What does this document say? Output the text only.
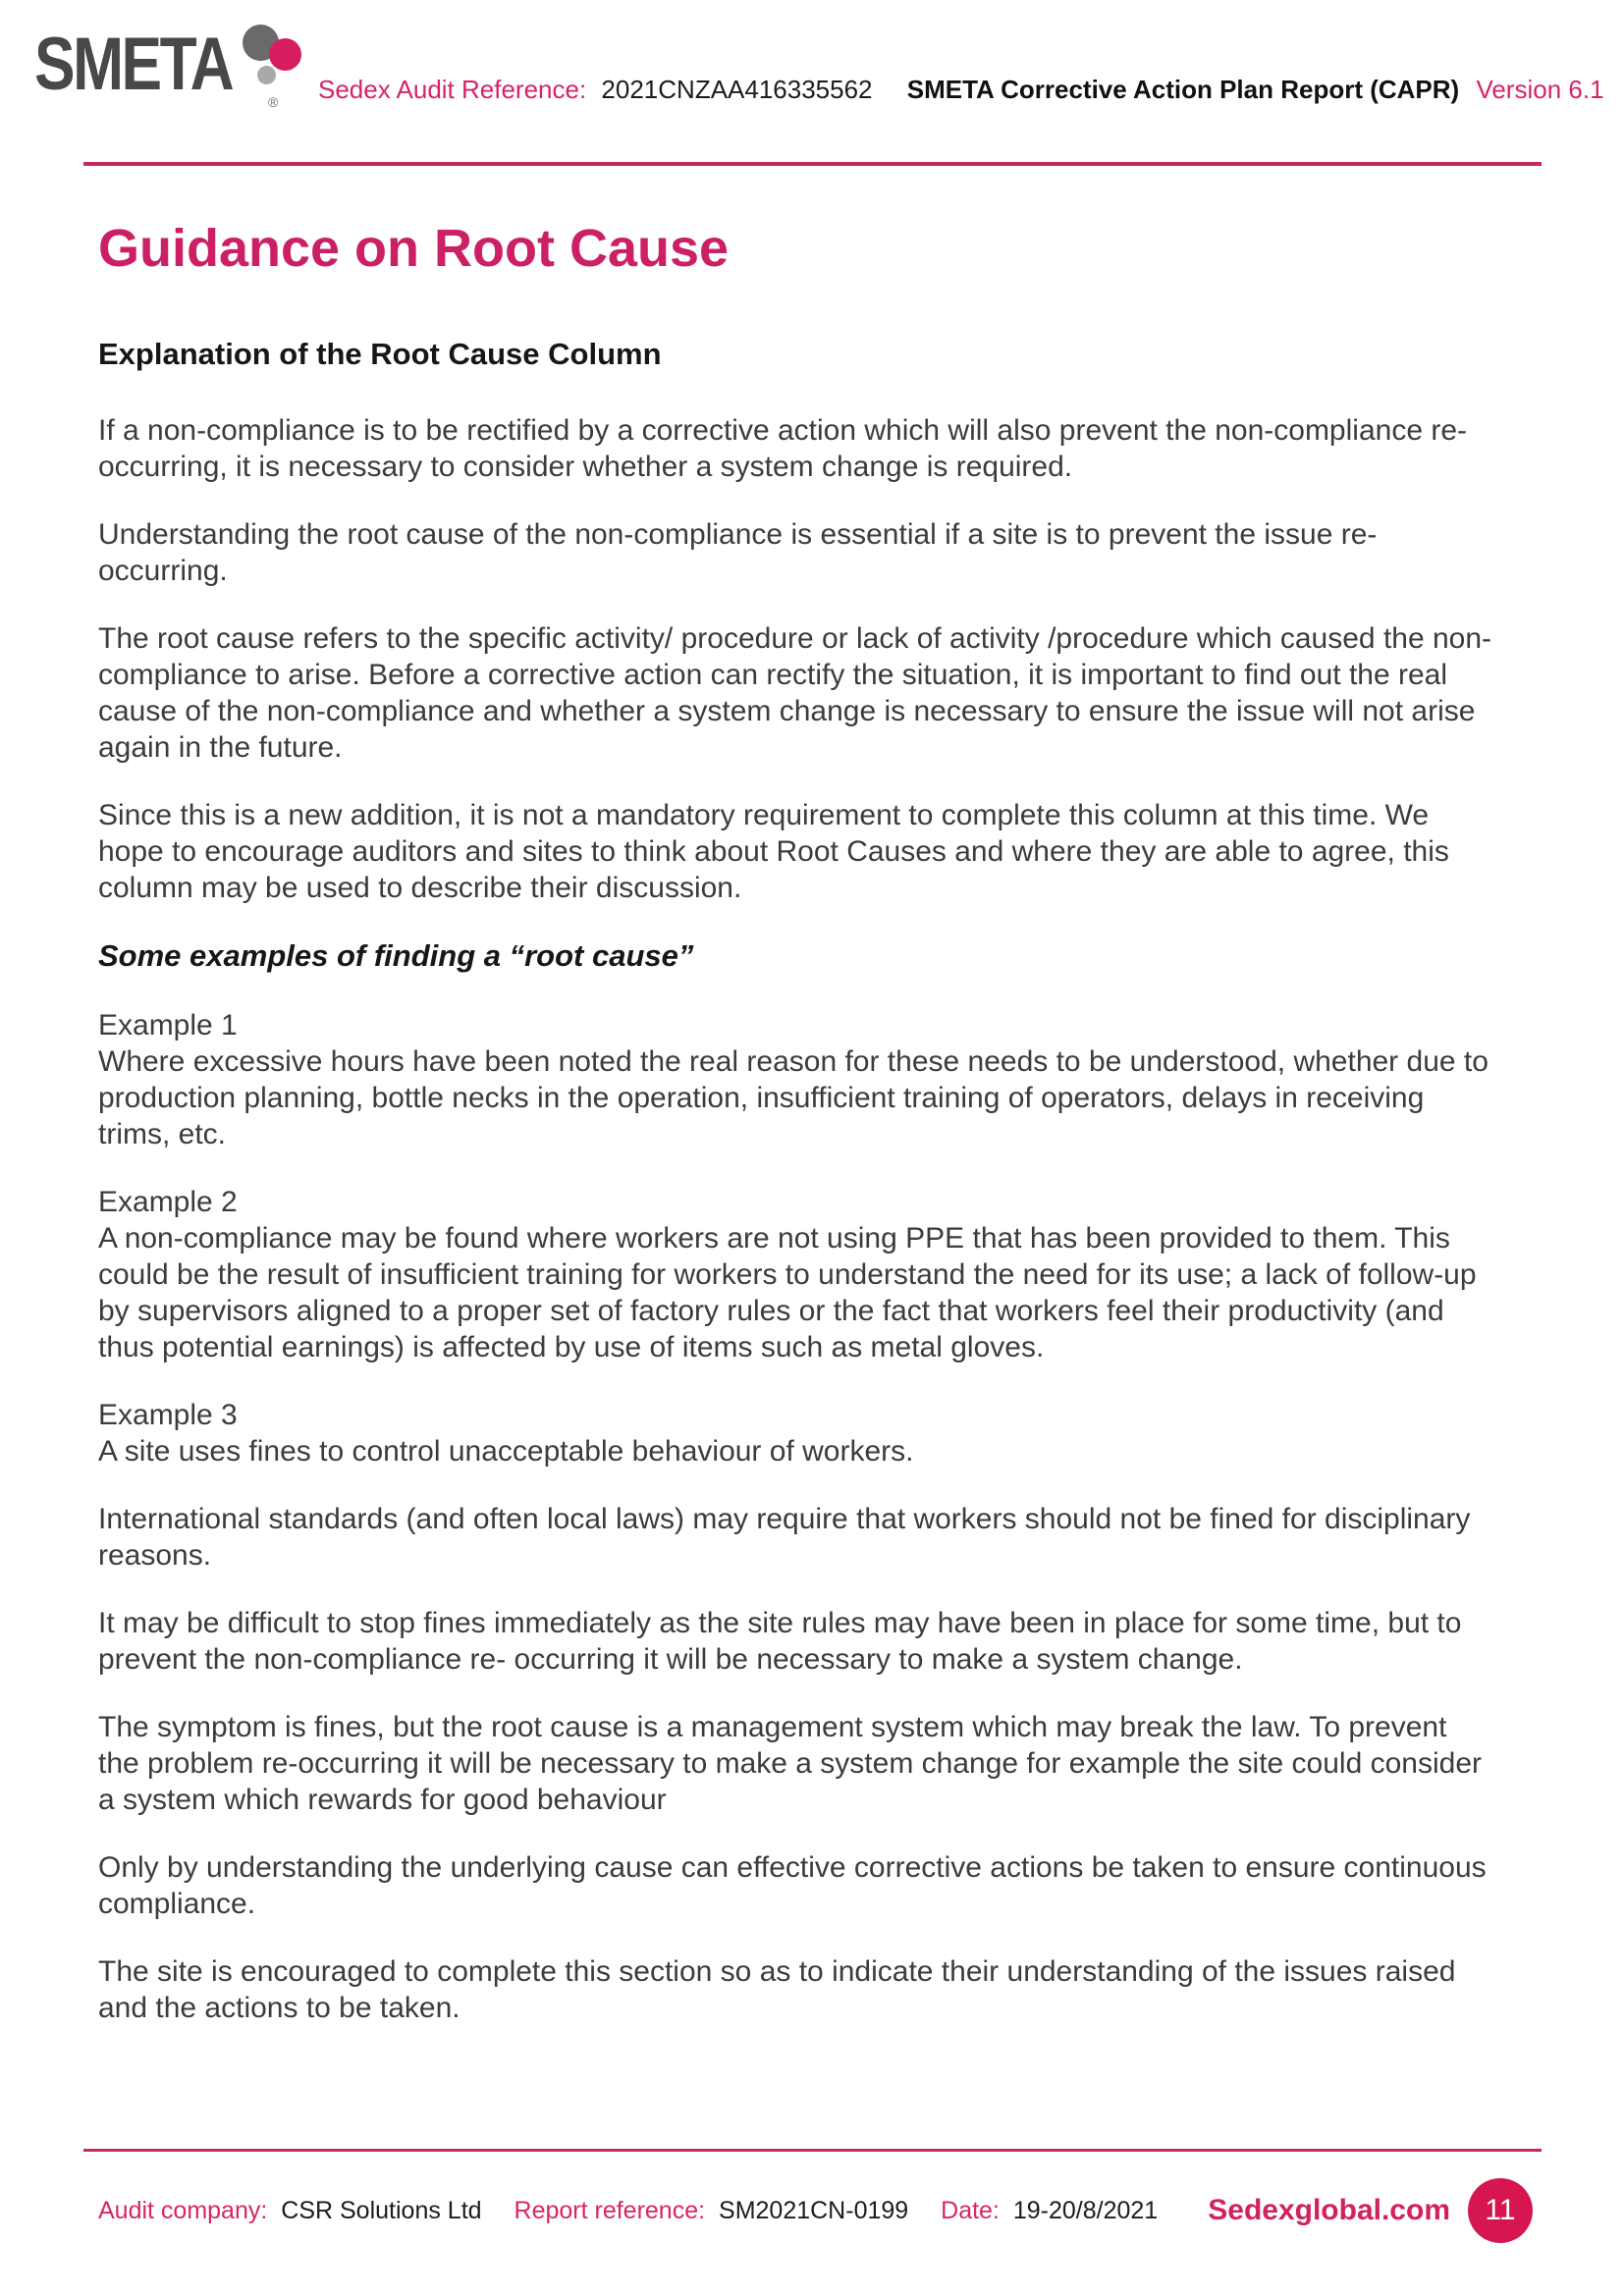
SMETA	® Sedex Audit Reference: 2021CNZAA416335562 SMETA Corrective Action Plan Report (CAPR) Version 6.1
Guidance on Root Cause
Explanation of the Root Cause Column

If a non-compliance is to be rectified by a corrective action which will also prevent the non-compliance re-occurring, it is necessary to consider whether a system change is required.

Understanding the root cause of the non-compliance is essential if a site is to prevent the issue re-occurring.

The root cause refers to the specific activity/ procedure or lack of activity /procedure which caused the non-compliance to arise. Before a corrective action can rectify the situation, it is important to find out the real cause of the non-compliance and whether a system change is necessary to ensure the issue will not arise again in the future.

Since this is a new addition, it is not a mandatory requirement to complete this column at this time. We hope to encourage auditors and sites to think about Root Causes and where they are able to agree, this column may be used to describe their discussion.

Some examples of finding a “root cause”
Example 1
Where excessive hours have been noted the real reason for these needs to be understood, whether due to production planning, bottle necks in the operation, insufficient training of operators, delays in receiving trims, etc.
Example 2
A non-compliance may be found where workers are not using PPE that has been provided to them. This could be the result of insufficient training for workers to understand the need for its use; a lack of follow-up by supervisors aligned to a proper set of factory rules or the fact that workers feel their productivity (and thus potential earnings) is affected by use of items such as metal gloves.
Example 3
A site uses fines to control unacceptable behaviour of workers.

International standards (and often local laws) may require that workers should not be fined for disciplinary reasons.

It may be difficult to stop fines immediately as the site rules may have been in place for some time, but to prevent the non-compliance re- occurring it will be necessary to make a system change.

The symptom is fines, but the root cause is a management system which may break the law. To prevent the problem re-occurring it will be necessary to make a system change for example the site could consider a system which rewards for good behaviour

Only by understanding the underlying cause can effective corrective actions be taken to ensure continuous compliance.

The site is encouraged to complete this section so as to indicate their understanding of the issues raised and the actions to be taken.

Audit company: CSR Solutions Ltd Report reference: SM2021CN-0199 Date: 19-20/8/2021	Sedexglobal.com	11
